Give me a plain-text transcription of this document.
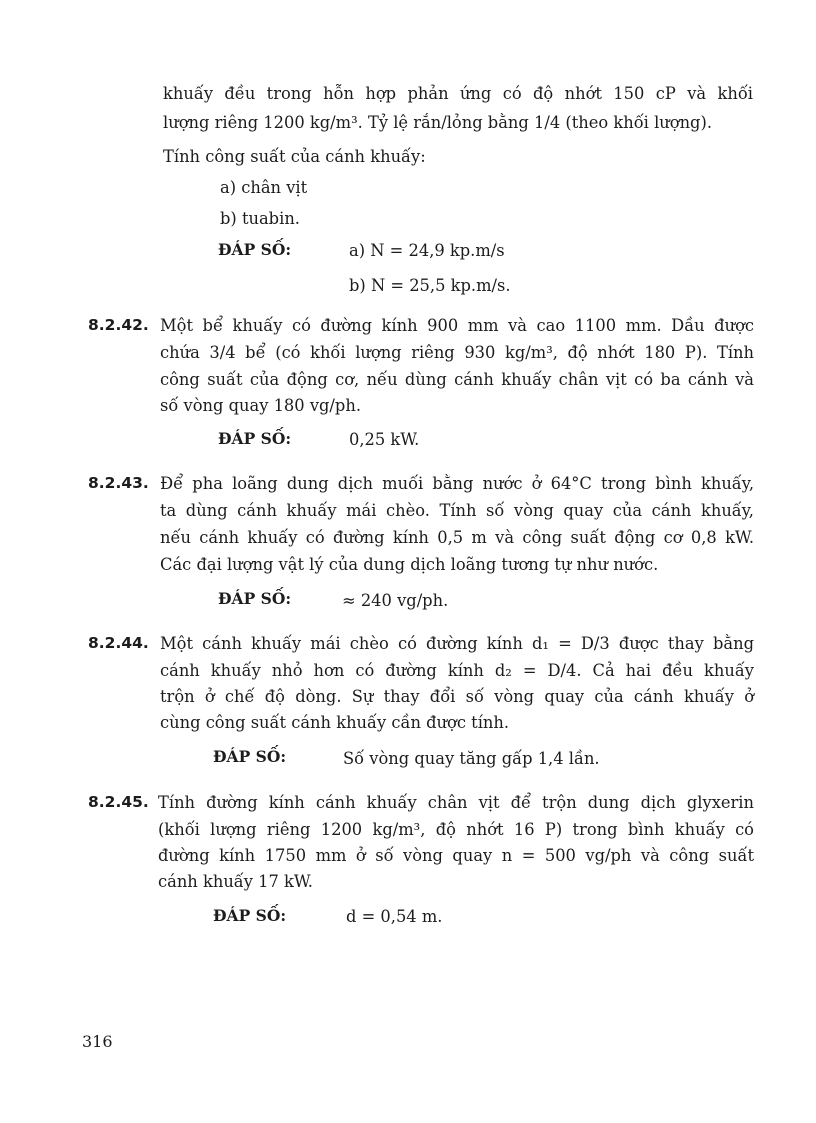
khuấy đều trong hỗn hợp phản ứng có độ nhớt 150 cP và khối
lượng riêng 1200 kg/m³. Tỷ lệ rắn/lỏng bằng 1/4 (theo khối lượng).
Tính công suất của cánh khuấy:
a) chân vịt
b) tuabin.
ĐÁP SỐ:	a) N = 24,9 kp.m/s
b) N = 25,5 kp.m/s.
8.2.42. Một bể khuấy có đường kính 900 mm và cao 1100 mm. Dầu được
chứa 3/4 bể (có khối lượng riêng 930 kg/m³, độ nhớt 180 P). Tính
công suất của động cơ, nếu dùng cánh khuấy chân vịt có ba cánh và
số vòng quay 180 vg/ph.
ĐÁP SỐ:	0,25 kW.
8.2.43. Để pha loãng dung dịch muối bằng nước ở 64°C trong bình khuấy,
ta dùng cánh khuấy mái chèo. Tính số vòng quay của cánh khuấy,
nếu cánh khuấy có đường kính 0,5 m và công suất động cơ 0,8 kW.
Các đại lượng vật lý của dung dịch loãng tương tự như nước.
ĐÁP SỐ:	≈ 240 vg/ph.
8.2.44. Một cánh khuấy mái chèo có đường kính d₁ = D/3 được thay bằng
cánh khuấy nhỏ hơn có đường kính d₂ = D/4. Cả hai đều khuấy
trộn ở chế độ dòng. Sự thay đổi số vòng quay của cánh khuấy ở
cùng công suất cánh khuấy cần được tính.
ĐÁP SỐ:	Số vòng quay tăng gấp 1,4 lần.
8.2.45. Tính đường kính cánh khuấy chân vịt để trộn dung dịch glyxerin
(khối lượng riêng 1200 kg/m³, độ nhớt 16 P) trong bình khuấy có
đường kính 1750 mm ở số vòng quay n = 500 vg/ph và công suất
cánh khuấy 17 kW.
ĐÁP SỐ:	d = 0,54 m.
316
